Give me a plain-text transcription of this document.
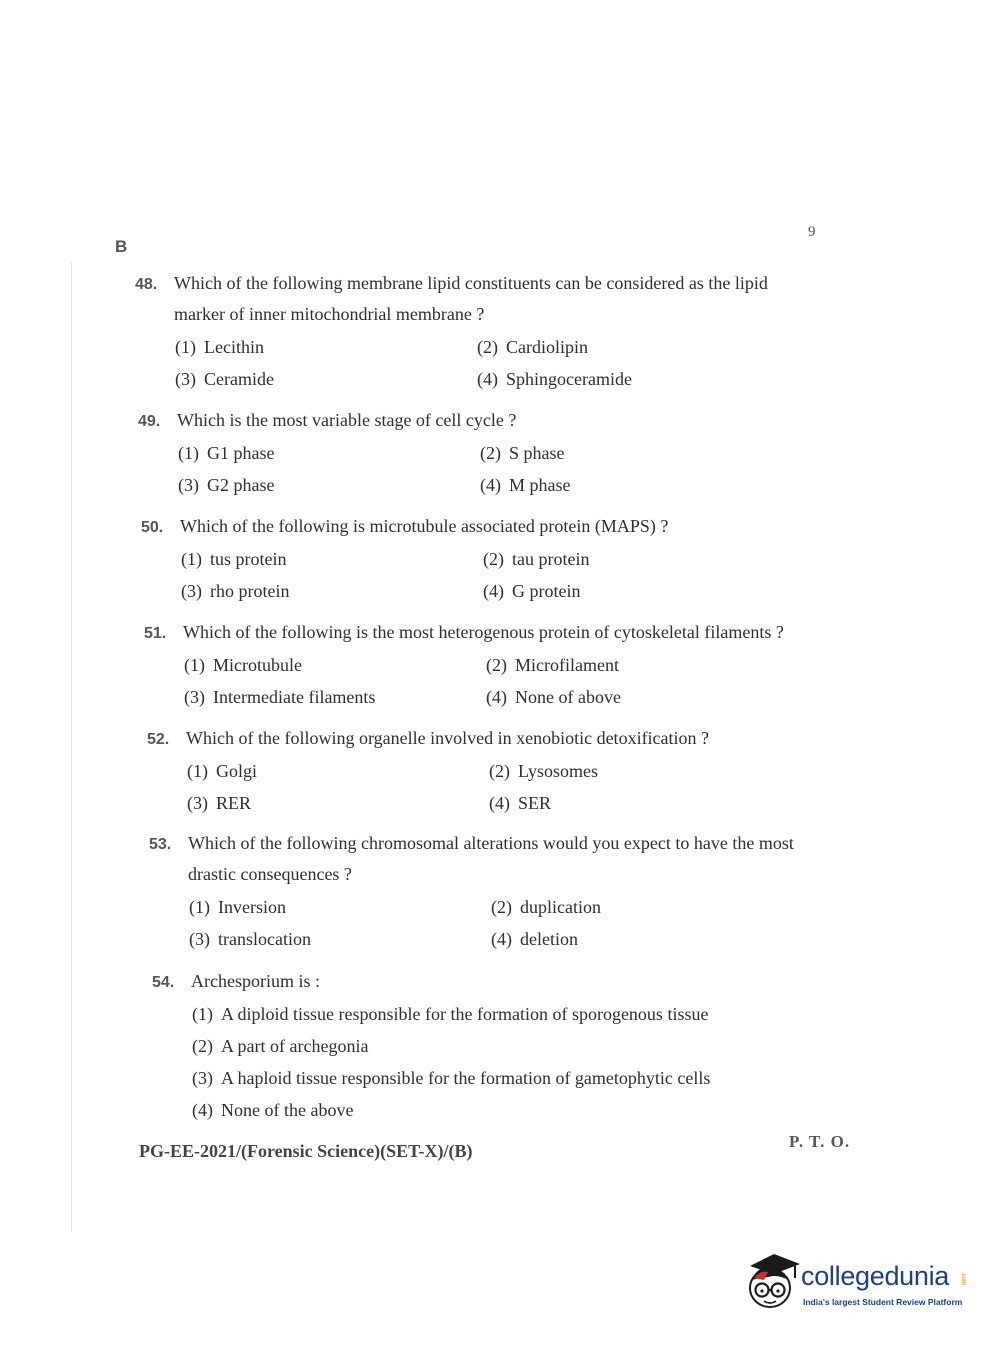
B
9
48. Which of the following membrane lipid constituents can be considered as the lipid marker of inner mitochondrial membrane ?
(1) Lecithin	(2) Cardiolipin
(3) Ceramide	(4) Sphingoceramide
49. Which is the most variable stage of cell cycle ?
(1) G1 phase	(2) S phase
(3) G2 phase	(4) M phase
50. Which of the following is microtubule associated protein (MAPS) ?
(1) tus protein	(2) tau protein
(3) rho protein	(4) G protein
51. Which of the following is the most heterogenous protein of cytoskeletal filaments ?
(1) Microtubule	(2) Microfilament
(3) Intermediate filaments	(4) None of above
52. Which of the following organelle involved in xenobiotic detoxification ?
(1) Golgi	(2) Lysosomes
(3) RER	(4) SER
53. Which of the following chromosomal alterations would you expect to have the most drastic consequences ?
(1) Inversion	(2) duplication
(3) translocation	(4) deletion
54. Archesporium is :
(1) A diploid tissue responsible for the formation of sporogenous tissue
(2) A part of archegonia
(3) A haploid tissue responsible for the formation of gametophytic cells
(4) None of the above
PG-EE-2021/(Forensic Science)(SET-X)/(B)	P. T. O.
collegedunia .com
India's largest Student Review Platform
